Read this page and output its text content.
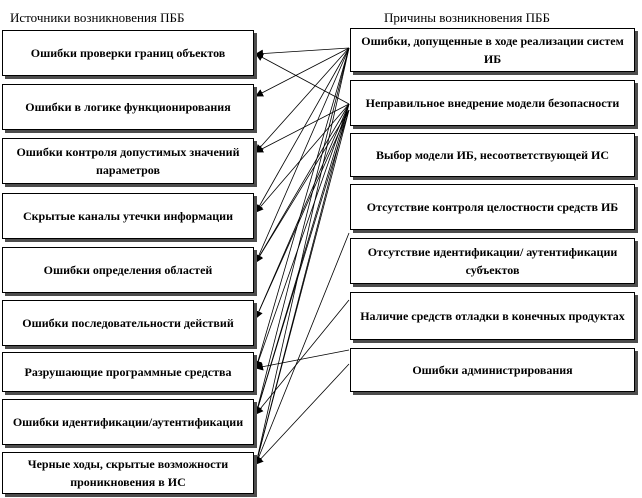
Источники возникновения ПББ	Причины возникновения ПББ
Ошибки проверки границ объектов
Ошибки в логике функционирования
Ошибки контроля допустимых значений параметров
Скрытые каналы утечки информации
Ошибки определения областей
Ошибки последовательности действий
Разрушающие программные средства
Ошибки идентификации/аутентификации
Черные ходы, скрытые возможности проникновения в ИС
Ошибки, допущенные в ходе реализации систем ИБ
Неправильное внедрение модели безопасности
Выбор модели ИБ, несоответствующей ИС
Отсутствие контроля целостности средств ИБ
Отсутствие идентификации/ аутентификации субъектов
Наличие средств отладки в конечных продуктах
Ошибки администрирования
